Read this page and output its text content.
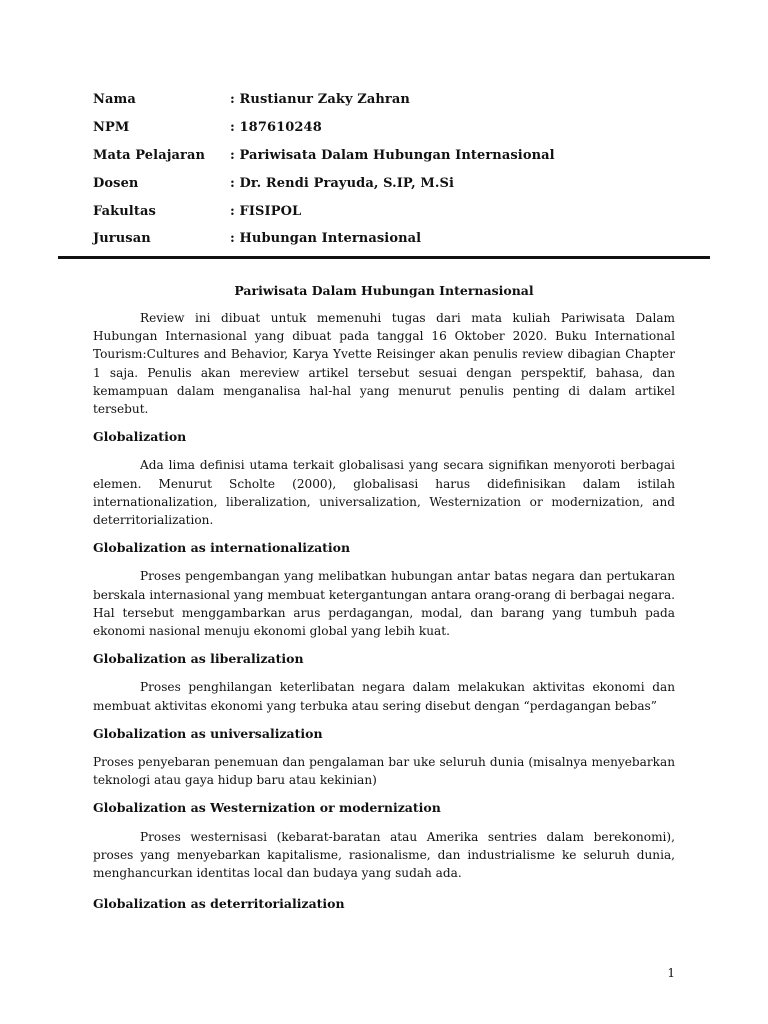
Nama	: Rustianur Zaky Zahran
NPM	: 187610248
Mata Pelajaran	: Pariwisata Dalam Hubungan Internasional
Dosen	: Dr. Rendi Prayuda, S.IP, M.Si
Fakultas	: FISIPOL
Jurusan	: Hubungan Internasional
Pariwisata Dalam Hubungan Internasional

Review ini dibuat untuk memenuhi tugas dari mata kuliah Pariwisata Dalam Hubungan Internasional yang dibuat pada tanggal 16 Oktober 2020. Buku International Tourism:Cultures and Behavior, Karya Yvette Reisinger akan penulis review dibagian Chapter 1 saja. Penulis akan mereview artikel tersebut sesuai dengan perspektif, bahasa, dan kemampuan dalam menganalisa hal-hal yang menurut penulis penting di dalam artikel tersebut.

Globalization

Ada lima definisi utama terkait globalisasi yang secara signifikan menyoroti berbagai elemen. Menurut Scholte (2000), globalisasi harus didefinisikan dalam istilah internationalization, liberalization, universalization, Westernization or modernization, and deterritorialization.

Globalization as internationalization

Proses pengembangan yang melibatkan hubungan antar batas negara dan pertukaran berskala internasional yang membuat ketergantungan antara orang-orang di berbagai negara. Hal tersebut menggambarkan arus perdagangan, modal, dan barang yang tumbuh pada ekonomi nasional menuju ekonomi global yang lebih kuat.

Globalization as liberalization

Proses penghilangan keterlibatan negara dalam melakukan aktivitas ekonomi dan membuat aktivitas ekonomi yang terbuka atau sering disebut dengan “perdagangan bebas”

Globalization as universalization

Proses penyebaran penemuan dan pengalaman bar uke seluruh dunia (misalnya menyebarkan teknologi atau gaya hidup baru atau kekinian)

Globalization as Westernization or modernization

Proses westernisasi (kebarat-baratan atau Amerika sentries dalam berekonomi), proses yang menyebarkan kapitalisme, rasionalisme, dan industrialisme ke seluruh dunia, menghancurkan identitas local dan budaya yang sudah ada.

Globalization as deterritorialization

1
